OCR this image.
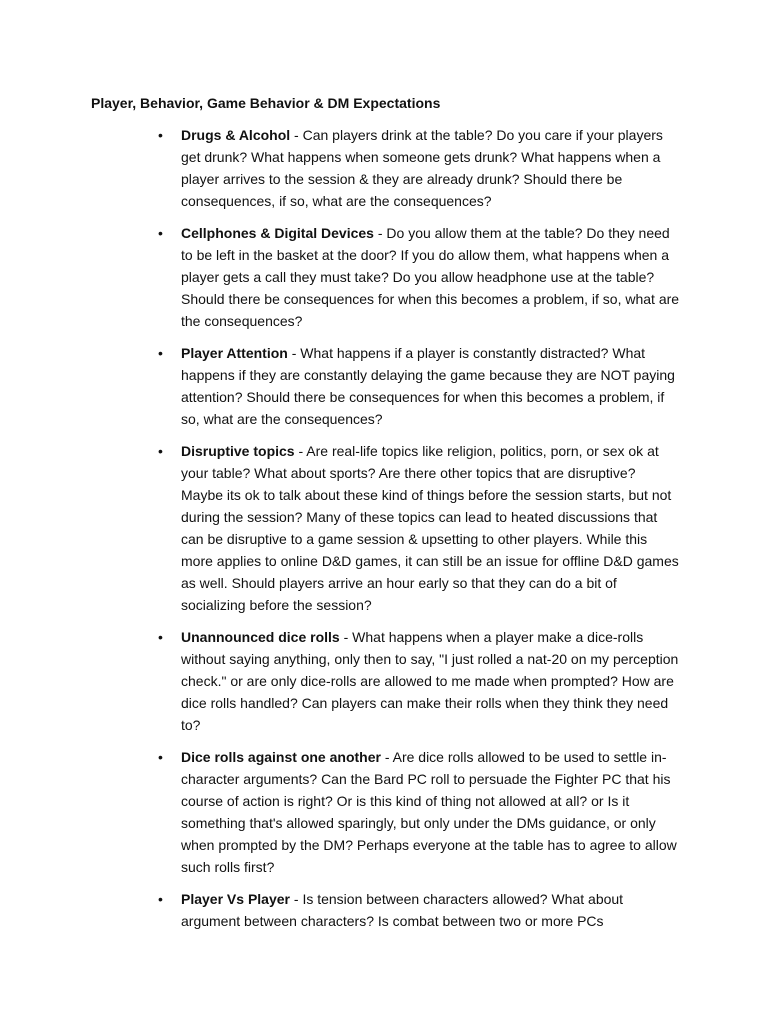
Player, Behavior, Game Behavior & DM Expectations
• Drugs & Alcohol - Can players drink at the table? Do you care if your players get drunk? What happens when someone gets drunk? What happens when a player arrives to the session & they are already drunk? Should there be consequences, if so, what are the consequences?
• Cellphones & Digital Devices - Do you allow them at the table? Do they need to be left in the basket at the door? If you do allow them, what happens when a player gets a call they must take? Do you allow headphone use at the table? Should there be consequences for when this becomes a problem, if so, what are the consequences?
• Player Attention - What happens if a player is constantly distracted? What happens if they are constantly delaying the game because they are NOT paying attention? Should there be consequences for when this becomes a problem, if so, what are the consequences?
• Disruptive topics - Are real-life topics like religion, politics, porn, or sex ok at your table? What about sports? Are there other topics that are disruptive? Maybe its ok to talk about these kind of things before the session starts, but not during the session? Many of these topics can lead to heated discussions that can be disruptive to a game session & upsetting to other players. While this more applies to online D&D games, it can still be an issue for offline D&D games as well. Should players arrive an hour early so that they can do a bit of socializing before the session?
• Unannounced dice rolls - What happens when a player make a dice-rolls without saying anything, only then to say, "I just rolled a nat-20 on my perception check." or are only dice-rolls are allowed to me made when prompted? How are dice rolls handled? Can players can make their rolls when they think they need to?
• Dice rolls against one another - Are dice rolls allowed to be used to settle in-character arguments? Can the Bard PC roll to persuade the Fighter PC that his course of action is right? Or is this kind of thing not allowed at all? or Is it something that's allowed sparingly, but only under the DMs guidance, or only when prompted by the DM? Perhaps everyone at the table has to agree to allow such rolls first?
• Player Vs Player - Is tension between characters allowed? What about argument between characters? Is combat between two or more PCs
